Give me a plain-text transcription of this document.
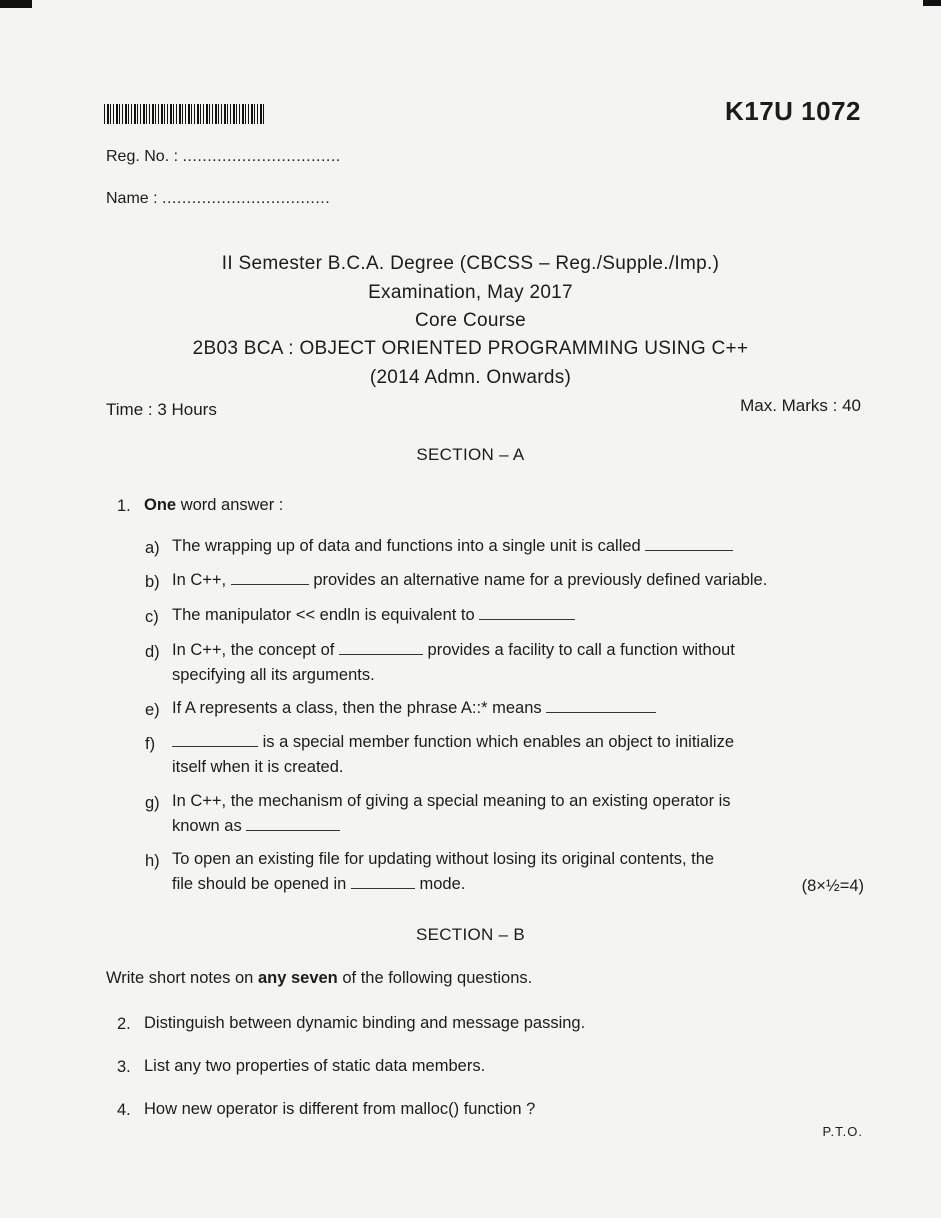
K17U 1072
Reg. No. : ................................
Name : ..................................
II Semester B.C.A. Degree (CBCSS – Reg./Supple./Imp.)
Examination, May 2017
Core Course
2B03 BCA : OBJECT ORIENTED PROGRAMMING USING C++
(2014 Admn. Onwards)
Time : 3 Hours	Max. Marks : 40
SECTION – A
1. One word answer :
a) The wrapping up of data and functions into a single unit is called
b) In C++,	provides an alternative name for a previously defined variable.
c) The manipulator << endln is equivalent to
d) In C++, the concept of	provides a facility to call a function without
specifying all its arguments.
e) If A represents a class, then the phrase A::* means
f)	is a special member function which enables an object to initialize
itself when it is created.
g) In C++, the mechanism of giving a special meaning to an existing operator is
known as
h) To open an existing file for updating without losing its original contents, the
file should be opened in	mode.	(8×½=4)
SECTION – B
Write short notes on any seven of the following questions.
2. Distinguish between dynamic binding and message passing.
3. List any two properties of static data members.
4. How new operator is different from malloc() function ?
P.T.O.
